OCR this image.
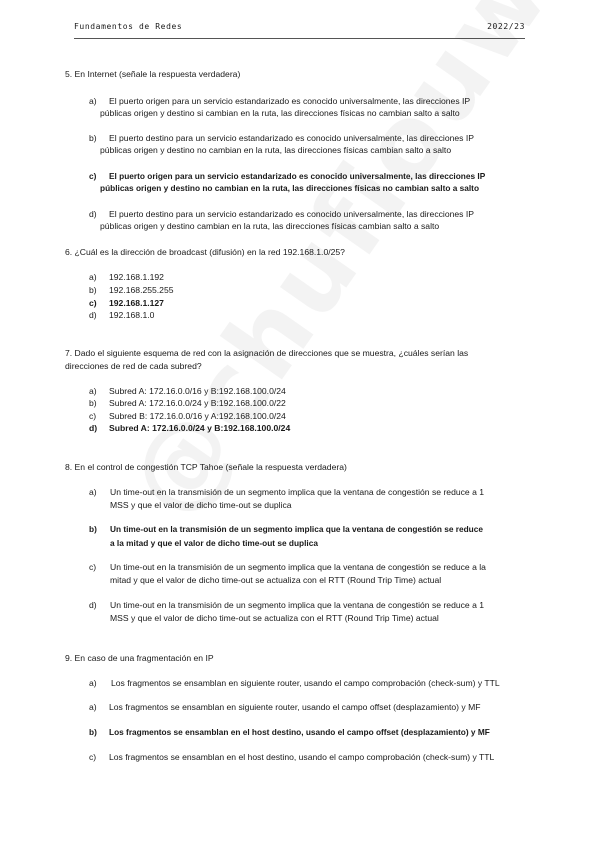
Fundamentos de Redes	2022/23
5. En Internet (señale la respuesta verdadera)
a) El puerto origen para un servicio estandarizado es conocido universalmente, las direcciones IP
públicas origen y destino si cambian en la ruta, las direcciones físicas no cambian salto a salto
b) El puerto destino para un servicio estandarizado es conocido universalmente, las direcciones IP
públicas origen y destino no cambian en la ruta, las direcciones físicas cambian salto a salto
c) El puerto origen para un servicio estandarizado es conocido universalmente, las direcciones IP
públicas origen y destino no cambian en la ruta, las direcciones físicas no cambian salto a salto
d) El puerto destino para un servicio estandarizado es conocido universalmente, las direcciones IP
públicas origen y destino cambian en la ruta, las direcciones físicas cambian salto a salto
6. ¿Cuál es la dirección de broadcast (difusión) en la red 192.168.1.0/25?
a) 192.168.1.192
b) 192.168.255.255
c) 192.168.1.127
d) 192.168.1.0
7. Dado el siguiente esquema de red con la asignación de direcciones que se muestra, ¿cuáles serían las
direcciones de red de cada subred?
a) Subred A: 172.16.0.0/16 y B:192.168.100.0/24
b) Subred A: 172.16.0.0/24 y B:192.168.100.0/22
c) Subred B: 172.16.0.0/16 y A:192.168.100.0/24
d) Subred A: 172.16.0.0/24 y B:192.168.100.0/24
8. En el control de congestión TCP Tahoe (señale la respuesta verdadera)
a) Un time-out en la transmisión de un segmento implica que la ventana de congestión se reduce a 1
MSS y que el valor de dicho time-out se duplica
b) Un time-out en la transmisión de un segmento implica que la ventana de congestión se reduce
a la mitad y que el valor de dicho time-out se duplica
c) Un time-out en la transmisión de un segmento implica que la ventana de congestión se reduce a la
mitad y que el valor de dicho time-out se actualiza con el RTT (Round Trip Time) actual
d) Un time-out en la transmisión de un segmento implica que la ventana de congestión se reduce a 1
MSS y que el valor de dicho time-out se actualiza con el RTT (Round Trip Time) actual
9. En caso de una fragmentación en IP
a) Los fragmentos se ensamblan en siguiente router, usando el campo comprobación (check-sum) y TTL
a) Los fragmentos se ensamblan en siguiente router, usando el campo offset (desplazamiento) y MF
b) Los fragmentos se ensamblan en el host destino, usando el campo offset (desplazamiento) y MF
c) Los fragmentos se ensamblan en el host destino, usando el campo comprobación (check-sum) y TTL
